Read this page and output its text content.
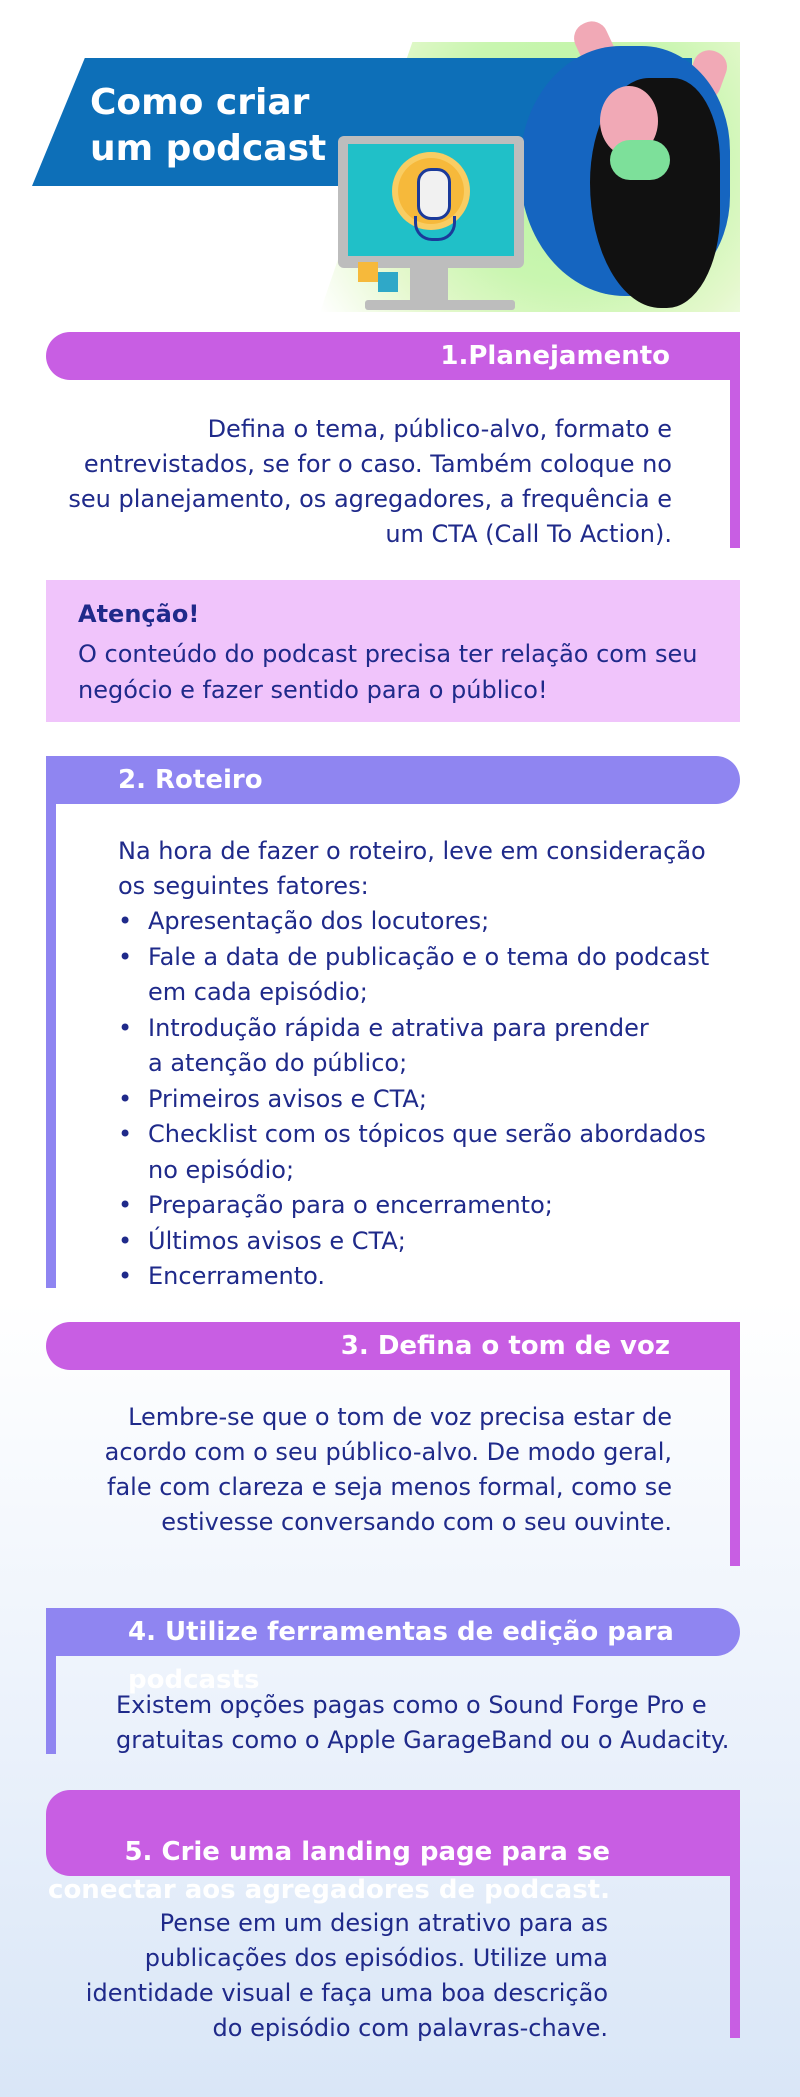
Como criar
um podcast
1.Planejamento
Defina o tema, público-alvo, formato e
entrevistados, se for o caso. Também coloque no
seu planejamento, os agregadores, a frequência e
um CTA (Call To Action).
Atenção!
O conteúdo do podcast precisa ter relação com seu
negócio e fazer sentido para o público!
2. Roteiro
Na hora de fazer o roteiro, leve em consideração
os seguintes fatores:
• Apresentação dos locutores;
• Fale a data de publicação e o tema do podcast
em cada episódio;
• Introdução rápida e atrativa para prender
a atenção do público;
• Primeiros avisos e CTA;
• Checklist com os tópicos que serão abordados
no episódio;
• Preparação para o encerramento;
• Últimos avisos e CTA;
• Encerramento.
3. Defina o tom de voz
Lembre-se que o tom de voz precisa estar de
acordo com o seu público-alvo. De modo geral,
fale com clareza e seja menos formal, como se
estivesse conversando com o seu ouvinte.
4. Utilize ferramentas de edição para podcasts
Existem opções pagas como o Sound Forge Pro e
gratuitas como o Apple GarageBand ou o Audacity.

5. Crie uma landing page para se
conectar aos agregadores de podcast.

Pense em um design atrativo para as
publicações dos episódios. Utilize uma
identidade visual e faça uma boa descrição
do episódio com palavras-chave.
